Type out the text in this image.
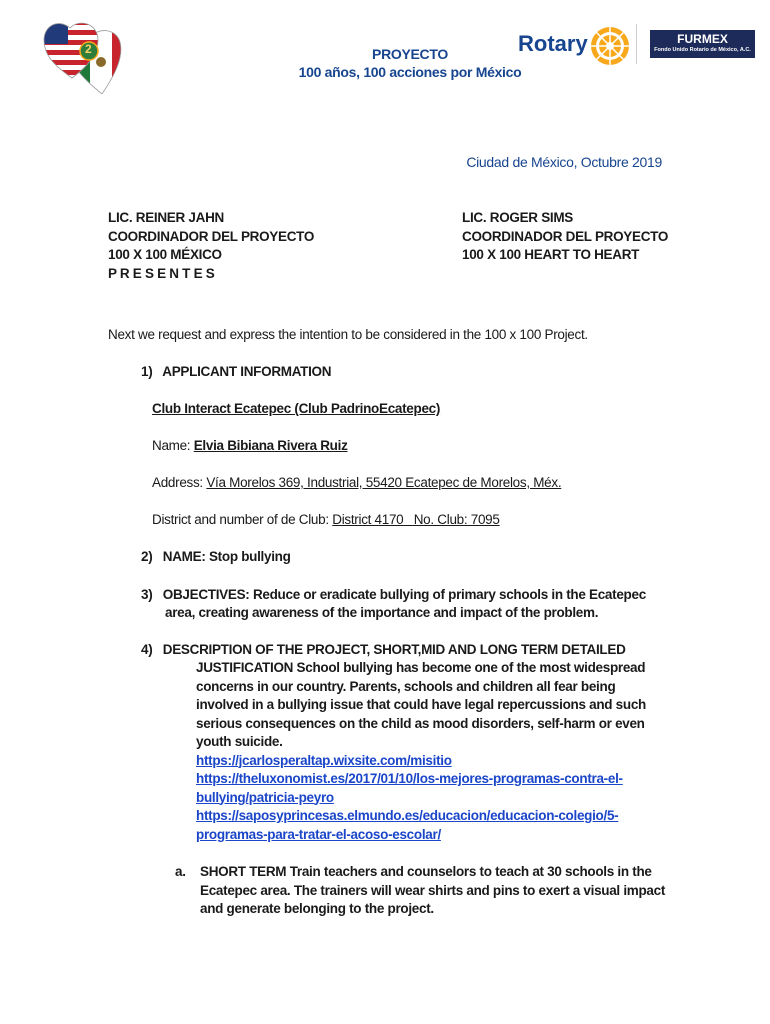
2	PROYECTO
100 años, 100 acciones por México
Rotary	FURMEX
Fondo Unido Rotario de México, A.C.
Ciudad de México, Octubre 2019
LIC. REINER JAHN
COORDINADOR DEL PROYECTO
100 X 100 MÉXICO
P R E S E N T E S
LIC. ROGER SIMS
COORDINADOR DEL PROYECTO
100 X 100 HEART TO HEART
Next we request and express the intention to be considered in the 100 x 100 Project.
1) APPLICANT INFORMATION
Club Interact Ecatepec (Club PadrinoEcatepec)
Name: Elvia Bibiana Rivera Ruiz
Address: Vía Morelos 369, Industrial, 55420 Ecatepec de Morelos, Méx.
District and number of de Club: District 4170   No. Club: 7095
2) NAME: Stop bullying
3) OBJECTIVES: Reduce or eradicate bullying of primary schools in the Ecatepec
area, creating awareness of the importance and impact of the problem.
4) DESCRIPTION OF THE PROJECT, SHORT,MID AND LONG TERM DETAILED
JUSTIFICATION School bullying has become one of the most widespread
concerns in our country. Parents, schools and children all fear being
involved in a bullying issue that could have legal repercussions and such
serious consequences on the child as mood disorders, self-harm or even
youth suicide.
https://jcarlosperaltap.wixsite.com/misitio
https://theluxonomist.es/2017/01/10/los-mejores-programas-contra-el-
bullying/patricia-peyro
https://saposyprincesas.elmundo.es/educacion/educacion-colegio/5-
programas-para-tratar-el-acoso-escolar/
a. SHORT TERM Train teachers and counselors to teach at 30 schools in the
Ecatepec area. The trainers will wear shirts and pins to exert a visual impact
and generate belonging to the project.
